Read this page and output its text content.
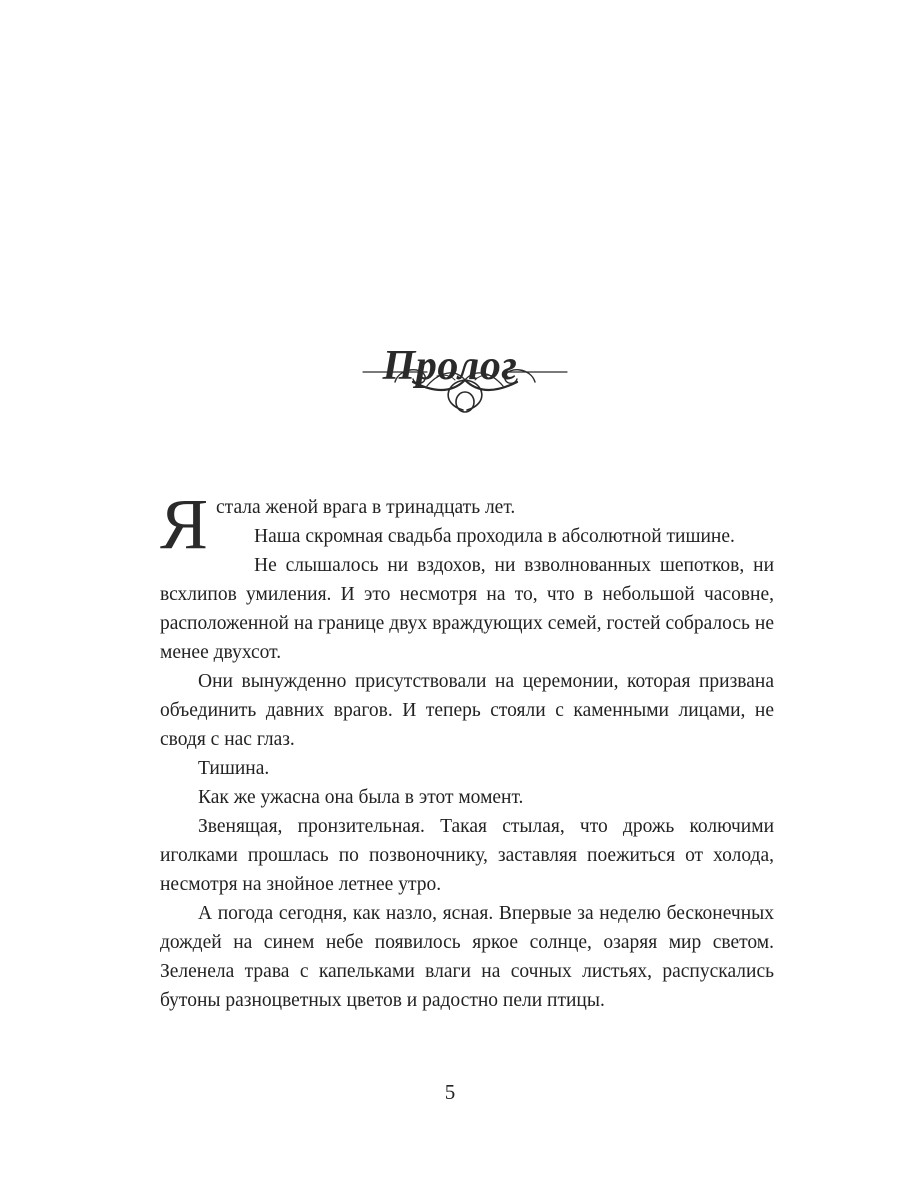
Пролог

Я стала женой врага в тринадцать лет.

Наша скромная свадьба проходила в абсолютной тишине.

Не слышалось ни вздохов, ни взволнованных шепотков, ни всхлипов умиления. И это несмотря на то, что в небольшой часовне, расположенной на границе двух враждующих семей, гостей собралось не менее двухсот.

Они вынужденно присутствовали на церемонии, которая призвана объединить давних врагов. И теперь стояли с каменными лицами, не сводя с нас глаз.

Тишина.

Как же ужасна она была в этот момент.

Звенящая, пронзительная. Такая стылая, что дрожь колючими иголками прошлась по позвоночнику, заставляя поежиться от холода, несмотря на знойное летнее утро.

А погода сегодня, как назло, ясная. Впервые за неделю бесконечных дождей на синем небе появилось яркое солнце, озаряя мир светом. Зеленела трава с капельками влаги на сочных листьях, распускались бутоны разноцветных цветов и радостно пели птицы.

5
